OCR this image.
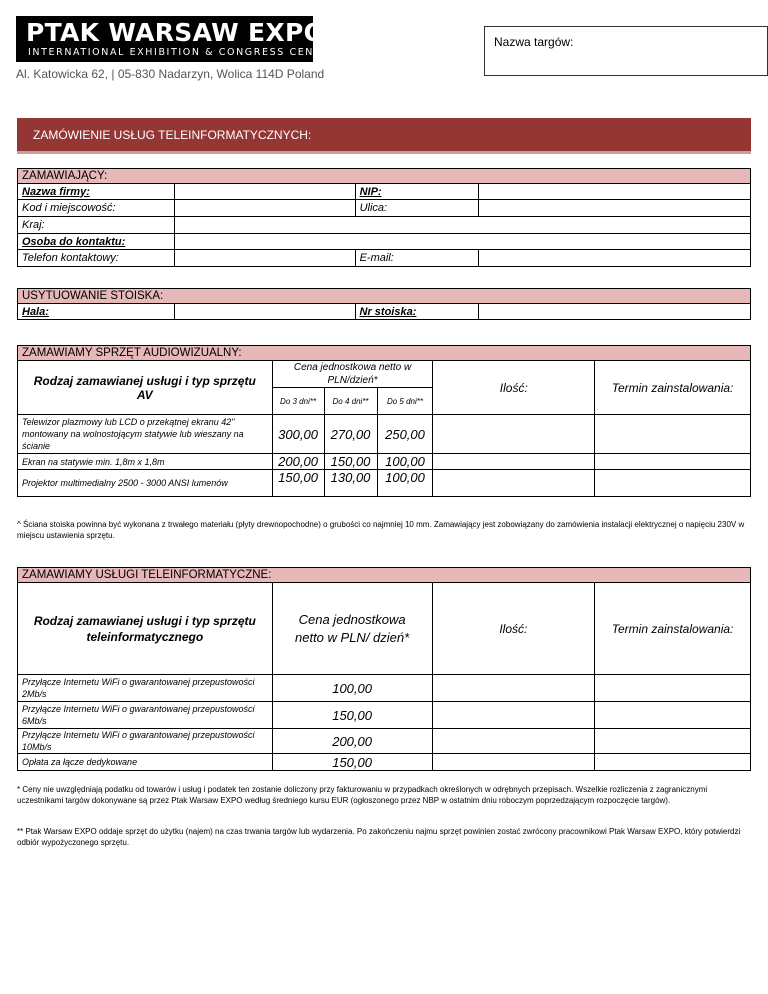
PTAK WARSAW EXPO
INTERNATIONAL EXHIBITION & CONGRESS CENTRE
Al. Katowicka 62, | 05-830 Nadarzyn, Wolica 114D Poland
Nazwa targów:
ZAMÓWIENIE USŁUG TELEINFORMATYCZNYCH:
ZAMAWIAJĄCY:			
Nazwa firmy:		NIP:	
Kod i miejscowość:		Ulica:	
Kraj:			
Osoba do kontaktu:			
Telefon kontaktowy:		E-mail:	
USYTUOWANIE STOISKA:
Hala:		Nr stoiska:	
ZAMAWIAMY SPRZĘT AUDIOWIZUALNY:					
Rodzaj zamawianej usługi i typ sprzętu AV	Cena jednostkowa netto w PLN/dzień*			Ilość:	Termin zainstalowania:
	Do 3 dni**	Do 4 dni**	Do 5 dni**		
Telewizor plazmowy lub LCD o przekątnej ekranu 42" montowany na wolnostojącym statywie lub wieszany na ścianie	300,00	270,00	250,00		
Ekran na statywie min. 1,8m x 1,8m	200,00	150,00	100,00		
Projektor multimedialny 2500 - 3000 ANSI lumenów	150,00	130,00	100,00		
^ Ściana stoiska powinna być wykonana z trwałego materiału (płyty drewnopochodne) o grubości co najmniej 10 mm. Zamawiający jest zobowiązany do zamówienia instalacji elektrycznej o napięciu 230V w miejscu ustawienia sprzętu.
ZAMAWIAMY USŁUGI TELEINFORMATYCZNE:			
Rodzaj zamawianej usługi i typ sprzętu teleinformatycznego	Cena jednostkowa netto w PLN/ dzień*	Ilość:	Termin zainstalowania:
Przyłącze Internetu WiFi o gwarantowanej przepustowości 2Mb/s	100,00		
Przyłącze Internetu WiFi o gwarantowanej przepustowości 6Mb/s	150,00		
Przyłącze Internetu WiFi o gwarantowanej przepustowości 10Mb/s	200,00		
Opłata za łącze dedykowane	150,00		
* Ceny nie uwzględniają podatku od towarów i usług i podatek ten zostanie doliczony przy fakturowaniu w przypadkach określonych w odrębnych przepisach. Wszelkie rozliczenia z zagranicznymi uczestnikami targów dokonywane są przez Ptak Warsaw EXPO według średniego kursu EUR (ogłoszonego przez NBP w ostatnim dniu roboczym poprzedzającym rozpoczęcie targów).
** Ptak Warsaw EXPO oddaje sprzęt do użytku (najem) na czas trwania targów lub wydarzenia. Po zakończeniu najmu sprzęt powinien zostać zwrócony pracownikowi Ptak Warsaw EXPO, który potwierdzi odbiór wypożyczonego sprzętu.
